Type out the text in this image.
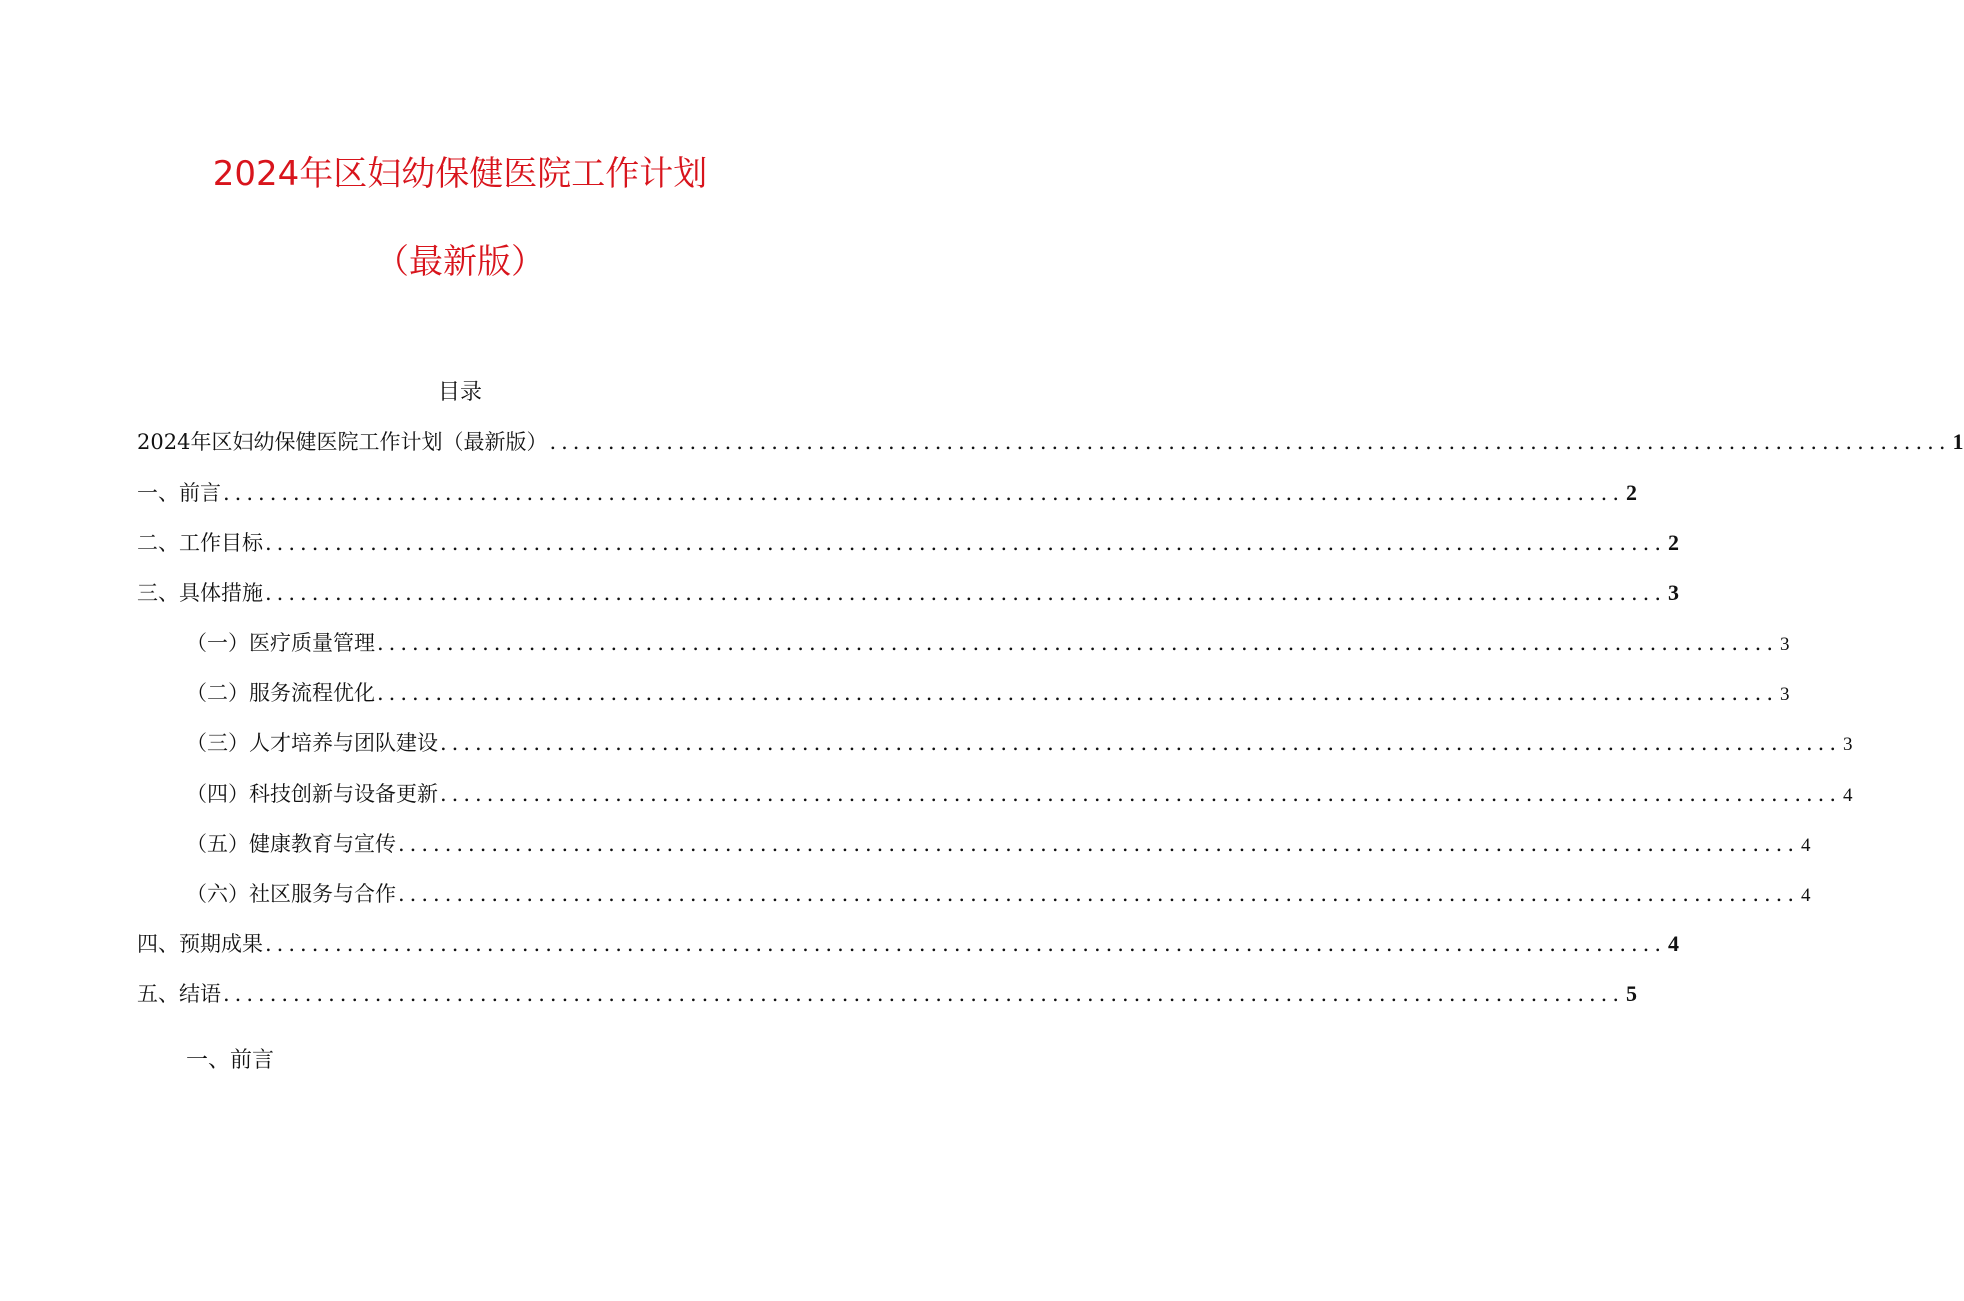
2024年区妇幼保健医院工作计划
（最新版）
目录
2024年区妇幼保健医院工作计划（最新版） ........................................................................................................................ 1
一、前言 ........................................................................................................................ 2
二、工作目标 ........................................................................................................................ 2
三、具体措施 ........................................................................................................................ 3
（一）医疗质量管理 ........................................................................................................................ 3
（二）服务流程优化 ........................................................................................................................ 3
（三）人才培养与团队建设 ........................................................................................................................ 3
（四）科技创新与设备更新 ........................................................................................................................ 4
（五）健康教育与宣传 ........................................................................................................................ 4
（六）社区服务与合作 ........................................................................................................................ 4
四、预期成果 ........................................................................................................................ 4
五、结语 ........................................................................................................................ 5
一、前言
